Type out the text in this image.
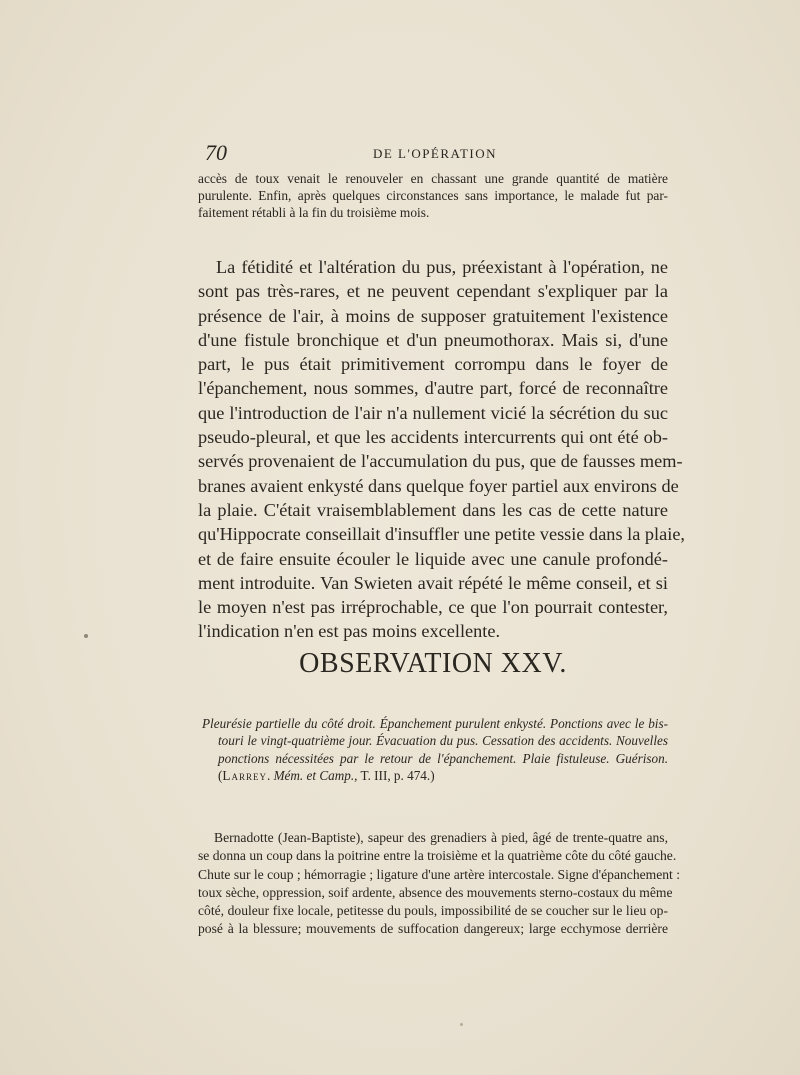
70	DE L'OPÉRATION
accès de toux venait le renouveler en chassant une grande quantité de matière
purulente. Enfin, après quelques circonstances sans importance, le malade fut par-
faitement rétabli à la fin du troisième mois.
La fétidité et l'altération du pus, préexistant à l'opération, ne
sont pas très-rares, et ne peuvent cependant s'expliquer par la
présence de l'air, à moins de supposer gratuitement l'existence
d'une fistule bronchique et d'un pneumothorax. Mais si, d'une
part, le pus était primitivement corrompu dans le foyer de
l'épanchement, nous sommes, d'autre part, forcé de reconnaître
que l'introduction de l'air n'a nullement vicié la sécrétion du suc
pseudo-pleural, et que les accidents intercurrents qui ont été ob-
servés provenaient de l'accumulation du pus, que de fausses mem-
branes avaient enkysté dans quelque foyer partiel aux environs de
la plaie. C'était vraisemblablement dans les cas de cette nature
qu'Hippocrate conseillait d'insuffler une petite vessie dans la plaie,
et de faire ensuite écouler le liquide avec une canule profondé-
ment introduite. Van Swieten avait répété le même conseil, et si
le moyen n'est pas irréprochable, ce que l'on pourrait contester,
l'indication n'en est pas moins excellente.
OBSERVATION XXV.
Pleurésie partielle du côté droit. Épanchement purulent enkysté. Ponctions avec le bis-
touri le vingt-quatrième jour. Évacuation du pus. Cessation des accidents. Nouvelles
ponctions nécessitées par le retour de l'épanchement. Plaie fistuleuse. Guérison.
(Larrey. Mém. et Camp., T. III, p. 474.)
Bernadotte (Jean-Baptiste), sapeur des grenadiers à pied, âgé de trente-quatre ans,
se donna un coup dans la poitrine entre la troisième et la quatrième côte du côté gauche.
Chute sur le coup ; hémorragie ; ligature d'une artère intercostale. Signe d'épanchement :
toux sèche, oppression, soif ardente, absence des mouvements sterno-costaux du même
côté, douleur fixe locale, petitesse du pouls, impossibilité de se coucher sur le lieu op-
posé à la blessure; mouvements de suffocation dangereux; large ecchymose derrière
